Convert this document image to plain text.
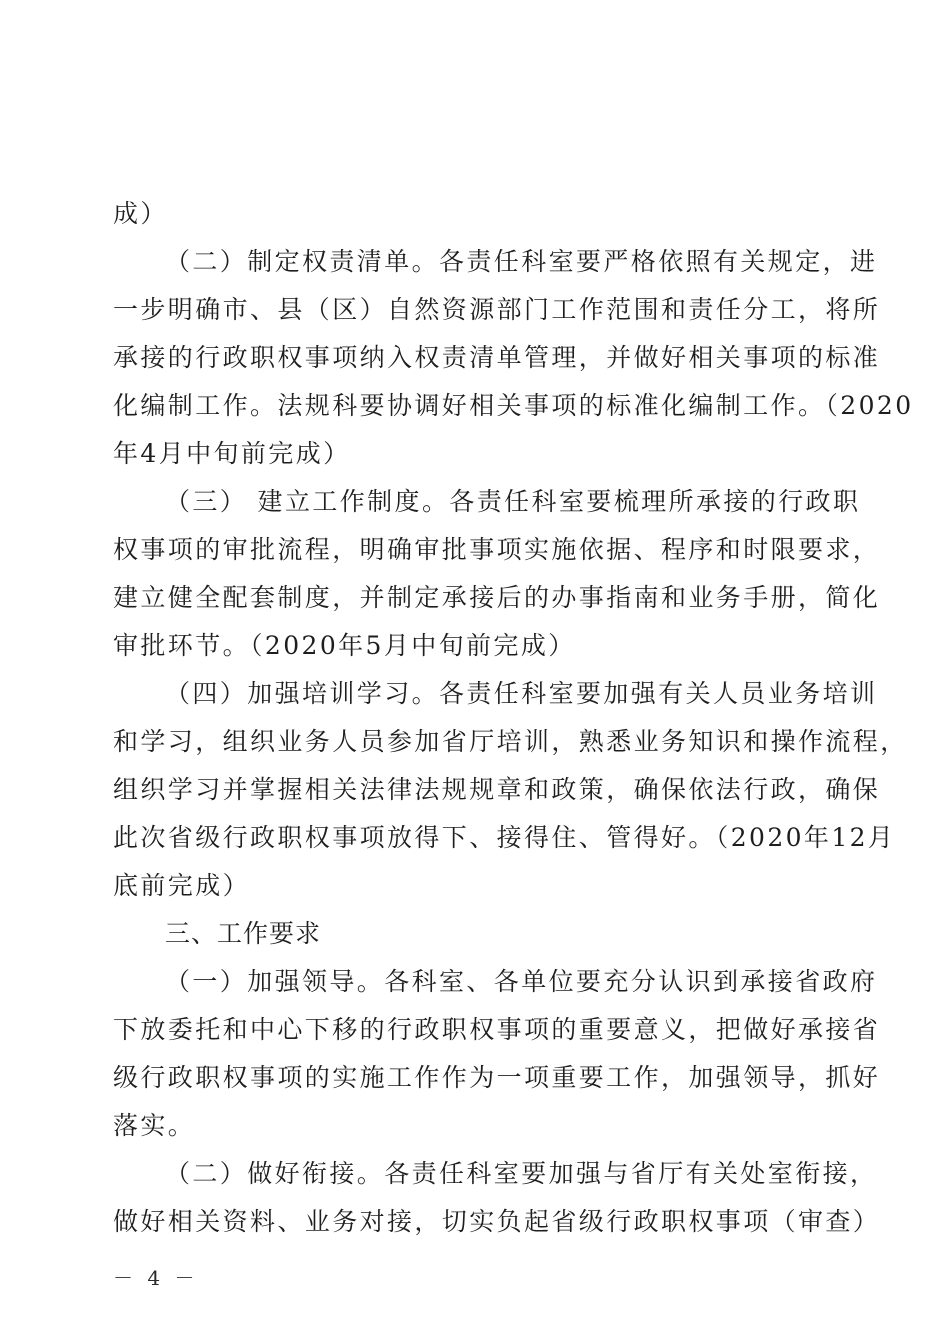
成）
（二）制定权责清单。各责任科室要严格依照有关规定，进
一步明确市、县（区）自然资源部门工作范围和责任分工，将所
承接的行政职权事项纳入权责清单管理，并做好相关事项的标准
化编制工作。法规科要协调好相关事项的标准化编制工作。（2020
年4月中旬前完成）
（三） 建立工作制度。各责任科室要梳理所承接的行政职
权事项的审批流程，明确审批事项实施依据、程序和时限要求，
建立健全配套制度，并制定承接后的办事指南和业务手册，简化
审批环节。（2020年5月中旬前完成）
（四）加强培训学习。各责任科室要加强有关人员业务培训
和学习，组织业务人员参加省厅培训，熟悉业务知识和操作流程，
组织学习并掌握相关法律法规规章和政策，确保依法行政，确保
此次省级行政职权事项放得下、接得住、管得好。（2020年12月
底前完成）
三、工作要求
（一）加强领导。各科室、各单位要充分认识到承接省政府
下放委托和中心下移的行政职权事项的重要意义，把做好承接省
级行政职权事项的实施工作作为一项重要工作，加强领导，抓好
落实。
（二）做好衔接。各责任科室要加强与省厅有关处室衔接，
做好相关资料、业务对接，切实负起省级行政职权事项（审查）
－ 4 －
